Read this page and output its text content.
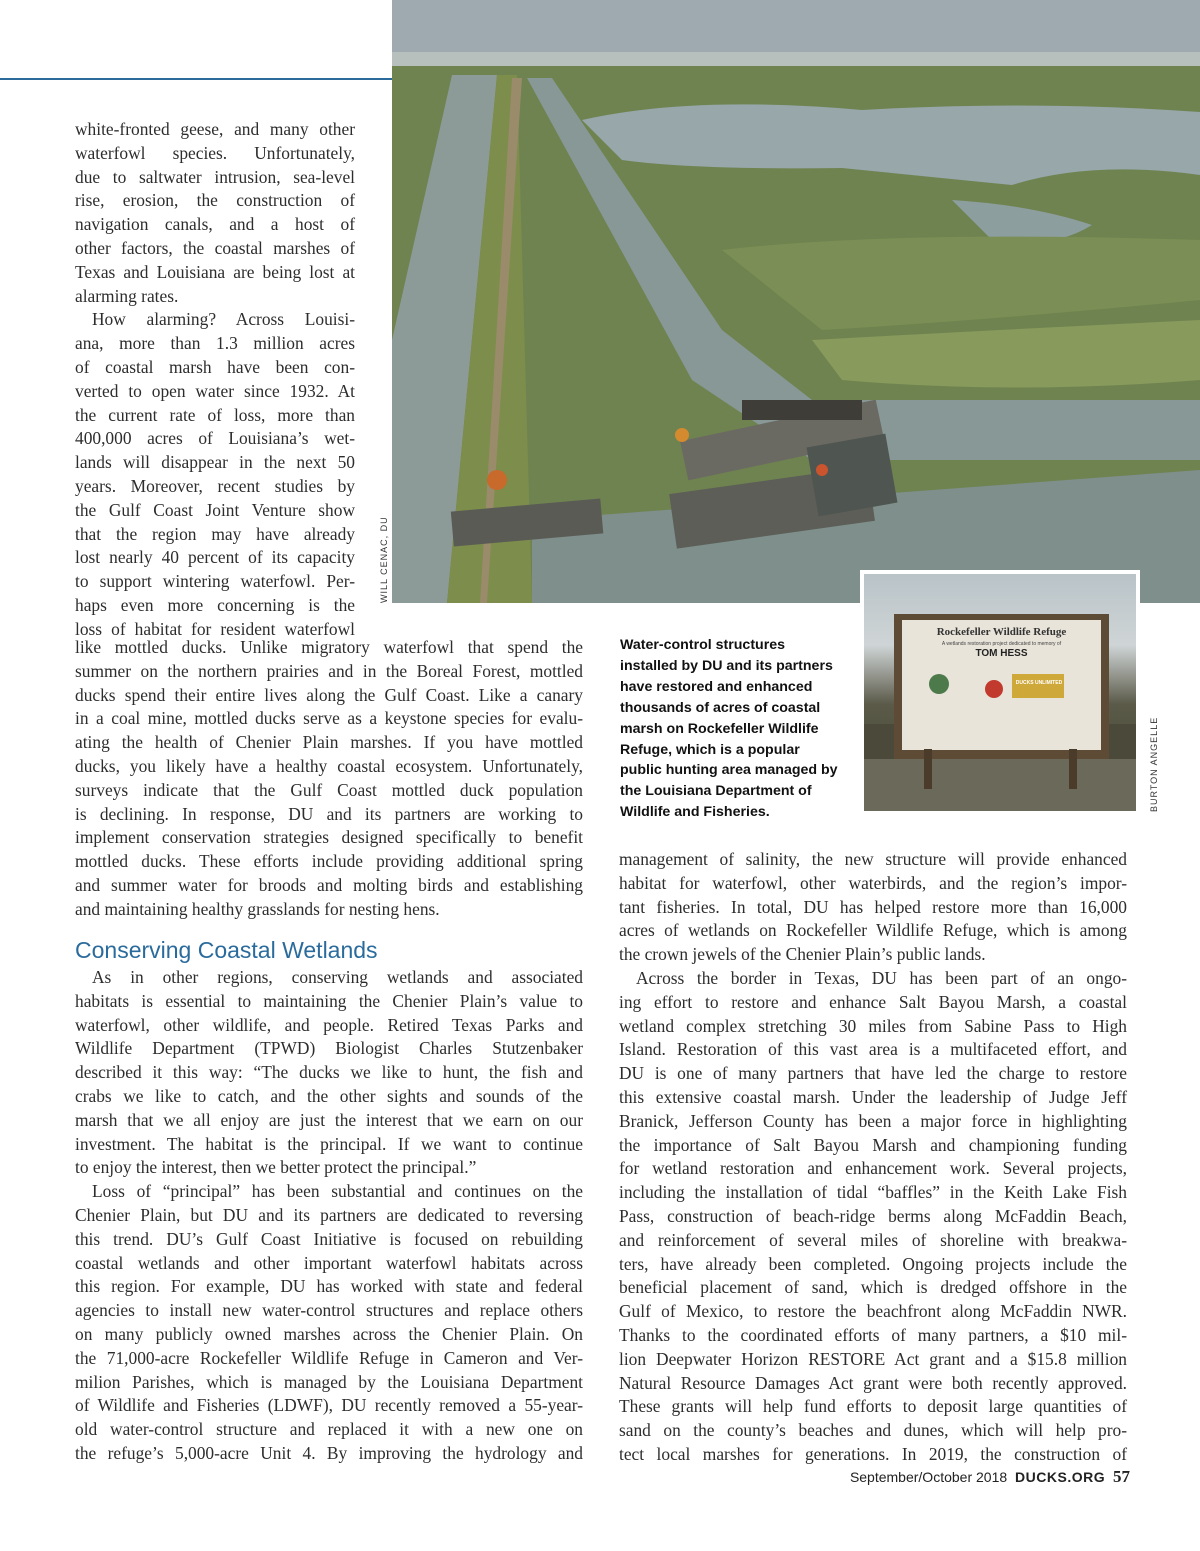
WILL CENAC, DU
Rockefeller Wildlife Refuge
A wetlands restoration project dedicated to memory of
TOM HESS
DUCKS UNLIMITED
BURTON ANGELLE
Water-control structures installed by DU and its partners have restored and enhanced thousands of acres of coastal marsh on Rockefeller Wildlife Refuge, which is a popular public hunting area managed by the Louisiana Department of Wildlife and Fisheries.
white-fronted geese, and many other
waterfowl species. Unfortunately,
due to saltwater intrusion, sea-level
rise, erosion, the construction of
navigation canals, and a host of
other factors, the coastal marshes of
Texas and Louisiana are being lost at
alarming rates.
How alarming? Across Louisi-
ana, more than 1.3 million acres
of coastal marsh have been con-
verted to open water since 1932. At
the current rate of loss, more than
400,000 acres of Louisiana’s wet-
lands will disappear in the next 50
years. Moreover, recent studies by
the Gulf Coast Joint Venture show
that the region may have already
lost nearly 40 percent of its capacity
to support wintering waterfowl. Per-
haps even more concerning is the
loss of habitat for resident waterfowl
like mottled ducks. Unlike migratory waterfowl that spend the
summer on the northern prairies and in the Boreal Forest, mottled
ducks spend their entire lives along the Gulf Coast. Like a canary
in a coal mine, mottled ducks serve as a keystone species for evalu-
ating the health of Chenier Plain marshes. If you have mottled
ducks, you likely have a healthy coastal ecosystem. Unfortunately,
surveys indicate that the Gulf Coast mottled duck population
is declining. In response, DU and its partners are working to
implement conservation strategies designed specifically to benefit
mottled ducks. These efforts include providing additional spring
and summer water for broods and molting birds and establishing
and maintaining healthy grasslands for nesting hens.
Conserving Coastal Wetlands
As in other regions, conserving wetlands and associated
habitats is essential to maintaining the Chenier Plain’s value to
waterfowl, other wildlife, and people. Retired Texas Parks and
Wildlife Department (TPWD) Biologist Charles Stutzenbaker
described it this way: “The ducks we like to hunt, the fish and
crabs we like to catch, and the other sights and sounds of the
marsh that we all enjoy are just the interest that we earn on our
investment. The habitat is the principal. If we want to continue
to enjoy the interest, then we better protect the principal.”
Loss of “principal” has been substantial and continues on the
Chenier Plain, but DU and its partners are dedicated to reversing
this trend. DU’s Gulf Coast Initiative is focused on rebuilding
coastal wetlands and other important waterfowl habitats across
this region. For example, DU has worked with state and federal
agencies to install new water-control structures and replace others
on many publicly owned marshes across the Chenier Plain. On
the 71,000-acre Rockefeller Wildlife Refuge in Cameron and Ver-
milion Parishes, which is managed by the Louisiana Department
of Wildlife and Fisheries (LDWF), DU recently removed a 55-year-
old water-control structure and replaced it with a new one on
the refuge’s 5,000-acre Unit 4. By improving the hydrology and
management of salinity, the new structure will provide enhanced
habitat for waterfowl, other waterbirds, and the region’s impor-
tant fisheries. In total, DU has helped restore more than 16,000
acres of wetlands on Rockefeller Wildlife Refuge, which is among
the crown jewels of the Chenier Plain’s public lands.
Across the border in Texas, DU has been part of an ongo-
ing effort to restore and enhance Salt Bayou Marsh, a coastal
wetland complex stretching 30 miles from Sabine Pass to High
Island. Restoration of this vast area is a multifaceted effort, and
DU is one of many partners that have led the charge to restore
this extensive coastal marsh. Under the leadership of Judge Jeff
Branick, Jefferson County has been a major force in highlighting
the importance of Salt Bayou Marsh and championing funding
for wetland restoration and enhancement work. Several projects,
including the installation of tidal “baffles” in the Keith Lake Fish
Pass, construction of beach-ridge berms along McFaddin Beach,
and reinforcement of several miles of shoreline with breakwa-
ters, have already been completed. Ongoing projects include the
beneficial placement of sand, which is dredged offshore in the
Gulf of Mexico, to restore the beachfront along McFaddin NWR.
Thanks to the coordinated efforts of many partners, a $10 mil-
lion Deepwater Horizon RESTORE Act grant and a $15.8 million
Natural Resource Damages Act grant were both recently approved.
These grants will help fund efforts to deposit large quantities of
sand on the county’s beaches and dunes, which will help pro-
tect local marshes for generations. In 2019, the construction of
September/October 2018 DUCKS.ORG 57
